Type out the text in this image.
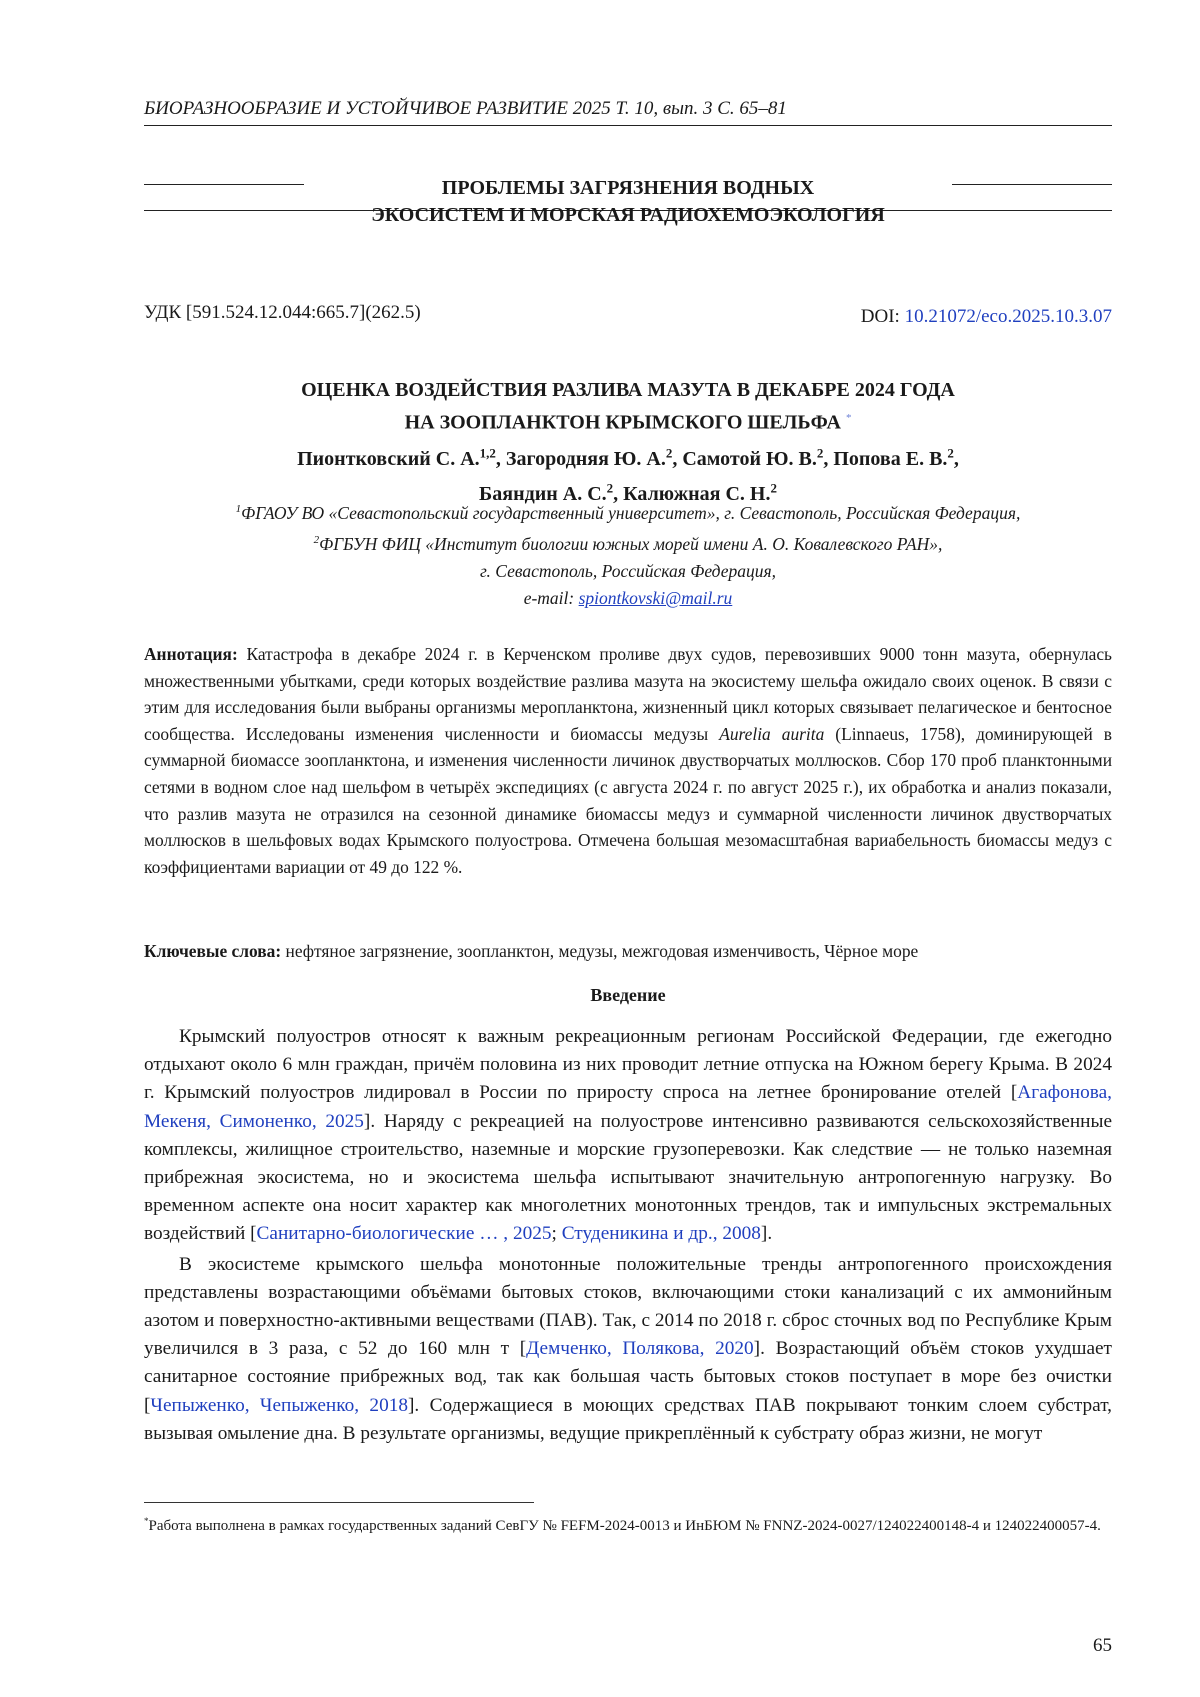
БИОРАЗНООБРАЗИЕ И УСТОЙЧИВОЕ РАЗВИТИЕ 2025 Т. 10, вып. 3 С. 65–81
ПРОБЛЕМЫ ЗАГРЯЗНЕНИЯ ВОДНЫХ
ЭКОСИСТЕМ И МОРСКАЯ РАДИОХЕМОЭКОЛОГИЯ
УДК [591.524.12.044:665.7](262.5)	DOI: 10.21072/eco.2025.10.3.07
ОЦЕНКА ВОЗДЕЙСТВИЯ РАЗЛИВА МАЗУТА В ДЕКАБРЕ 2024 ГОДА
НА ЗООПЛАНКТОН КРЫМСКОГО ШЕЛЬФА *
Пионтковский С. А.$^{1,2}$, Загородняя Ю. А.$^2$, Самотой Ю. В.$^2$, Попова Е. В.$^2$,
Баяндин А. С.$^2$, Калюжная С. Н.$^2$
$^1$ФГАОУ ВО «Севастопольский государственный университет», г. Севастополь, Российская Федерация,
$^2$ФГБУН ФИЦ «Институт биологии южных морей имени А. О. Ковалевского РАН»,
г. Севастополь, Российская Федерация,
e-mail: spiontkovski@mail.ru
Аннотация: Катастрофа в декабре 2024 г. в Керченском проливе двух судов, перевозивших 9000 тонн мазута, обернулась множественными убытками, среди которых воздействие разлива мазута на экосистему шельфа ожидало своих оценок. В связи с этим для исследования были выбраны организмы меропланктона, жизненный цикл которых связывает пелагическое и бентосное сообщества. Исследованы изменения численности и биомассы медузы Aurelia aurita (Linnaeus, 1758), доминирующей в суммарной биомассе зоопланктона, и изменения численности личинок двустворчатых моллюсков. Сбор 170 проб планктонными сетями в водном слое над шельфом в четырёх экспедициях (с августа 2024 г. по август 2025 г.), их обработка и анализ показали, что разлив мазута не отразился на сезонной динамике биомассы медуз и суммарной численности личинок двустворчатых моллюсков в шельфовых водах Крымского полуострова. Отмечена большая мезомасштабная вариабельность биомассы медуз с коэффициентами вариации от 49 до 122 %.
Ключевые слова: нефтяное загрязнение, зоопланктон, медузы, межгодовая изменчивость, Чёрное море
Введение

Крымский полуостров относят к важным рекреационным регионам Российской Федерации, где ежегодно отдыхают около 6 млн граждан, причём половина из них проводит летние отпуска на Южном берегу Крыма. В 2024 г. Крымский полуостров лидировал в России по приросту спроса на летнее бронирование отелей [Агафонова, Мекеня, Симоненко, 2025]. Наряду с рекреацией на полуострове интенсивно развиваются сельскохозяйственные комплексы, жилищное строительство, наземные и морские грузоперевозки. Как следствие — не только наземная прибрежная экосистема, но и экосистема шельфа испытывают значительную антропогенную нагрузку. Во временном аспекте она носит характер как многолетних монотонных трендов, так и импульсных экстремальных воздействий [Санитарно-биологические … , 2025; Студеникина и др., 2008].

В экосистеме крымского шельфа монотонные положительные тренды антропогенного происхождения представлены возрастающими объёмами бытовых стоков, включающими стоки канализаций с их аммонийным азотом и поверхностно-активными веществами (ПАВ). Так, с 2014 по 2018 г. сброс сточных вод по Республике Крым увеличился в 3 раза, с 52 до 160 млн т [Демченко, Полякова, 2020]. Возрастающий объём стоков ухудшает санитарное состояние прибрежных вод, так как большая часть бытовых стоков поступает в море без очистки [Чепыженко, Чепыженко, 2018]. Содержащиеся в моющих средствах ПАВ покрывают тонким слоем субстрат, вызывая омыление дна. В результате организмы, ведущие прикреплённый к субстрату образ жизни, не могут

*Работа выполнена в рамках государственных заданий СевГУ № FEFM-2024-0013 и ИнБЮМ № FNNZ-2024-0027/124022400148-4 и 124022400057-4.
65
